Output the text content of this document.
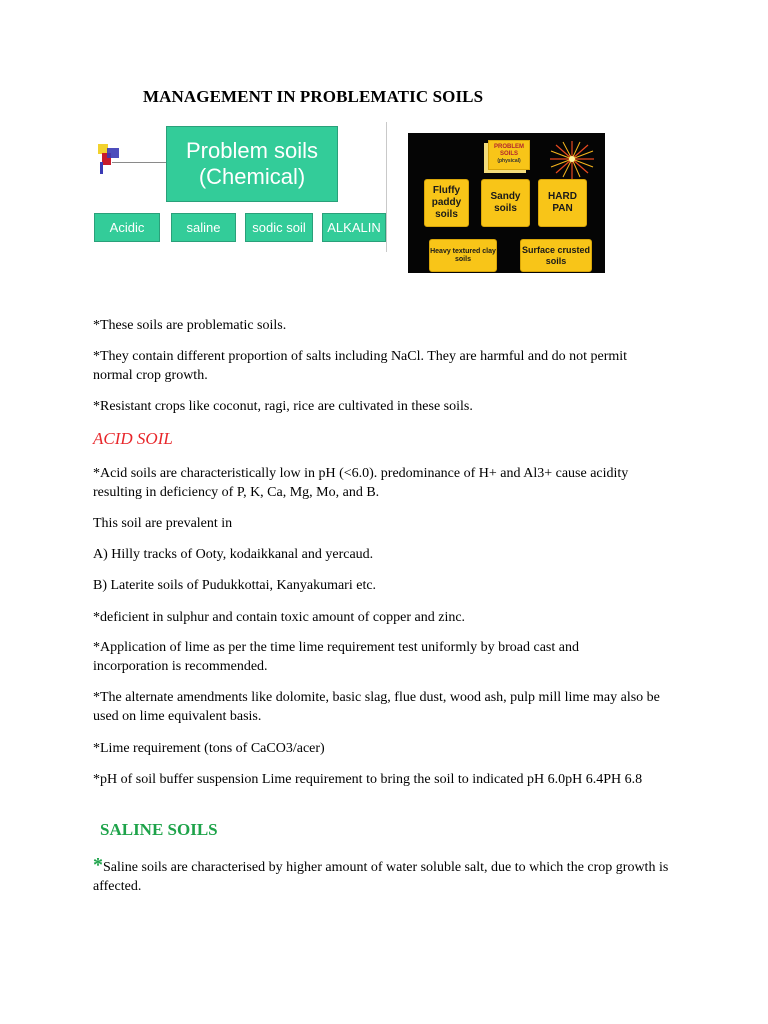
MANAGEMENT IN PROBLEMATIC SOILS
Problem soils
(Chemical)
Acidic	saline	sodic soil	ALKALIN
PROBLEM
SOILS
(physical)
Fluffy paddy soils
Sandy soils
HARD PAN
Heavy textured clay soils
Surface crusted soils

*These soils are problematic soils.

*They contain different proportion of salts including NaCl. They are harmful and do not permit normal crop growth.

*Resistant crops like coconut, ragi, rice are cultivated in these soils.

ACID SOIL

*Acid soils are characteristically low in pH (<6.0). predominance of H+ and Al3+ cause acidity resulting in deficiency of P, K, Ca, Mg, Mo, and B.

This soil are prevalent in

A) Hilly tracks of Ooty, kodaikkanal and yercaud.

B) Laterite soils of Pudukkottai, Kanyakumari etc.

*deficient in sulphur and contain toxic amount of copper and zinc.

*Application of lime as per the time lime requirement test uniformly by broad cast and incorporation is recommended.

*The alternate amendments like dolomite, basic slag, flue dust, wood ash, pulp mill lime may also be used on lime equivalent basis.

*Lime requirement (tons of CaCO3/acer)

*pH of soil buffer suspension Lime requirement to bring the soil to indicated pH 6.0pH 6.4PH 6.8

SALINE SOILS

*Saline soils are characterised by higher amount of water soluble salt, due to which the crop growth is affected.
